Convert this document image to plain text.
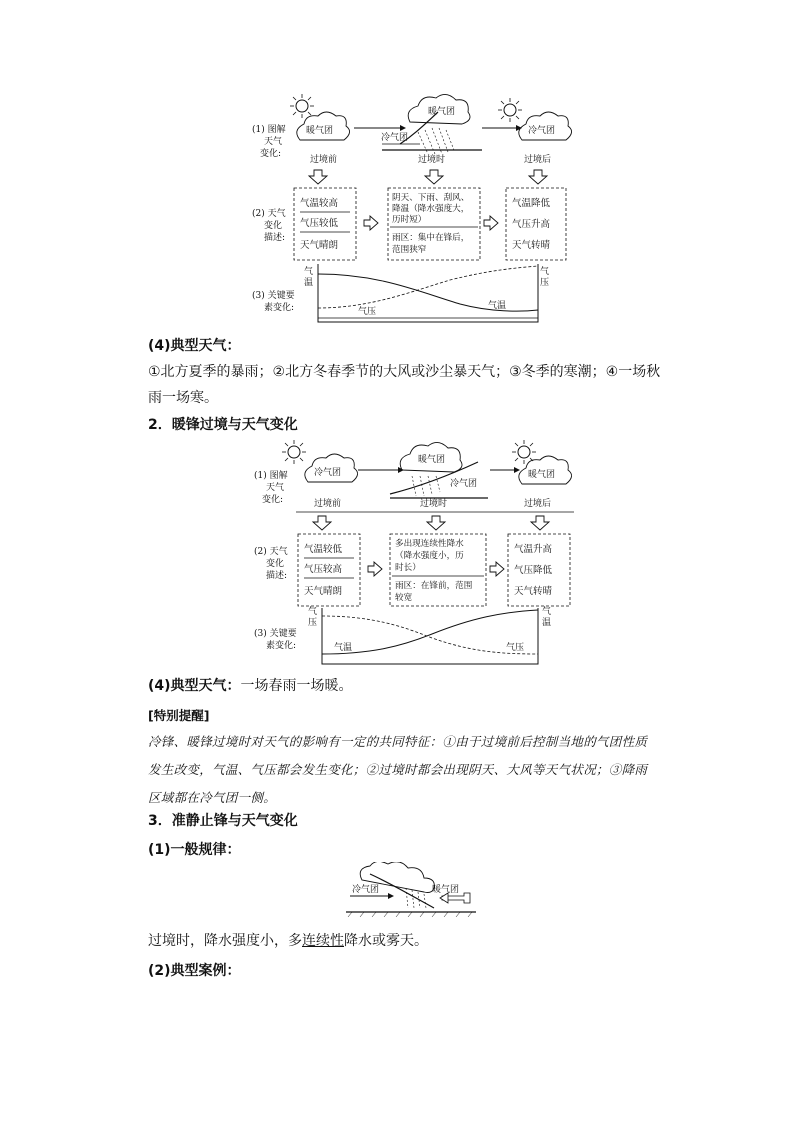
(1) 图解天气变化:
(2) 天气变化描述:
(3) 关键要素变化:
暖气团
暖气团
冷气团
冷气团
过境前	过境时	过境后
气温较高
气压较低
天气晴朗
阴天、下雨、刮风、
降温（降水强度大，
历时短）
雨区：集中在锋后，
范围狭窄
气温降低
气压升高
天气转晴
气温
气压
气压
气温
(4)典型天气：
①北方夏季的暴雨；②北方冬春季节的大风或沙尘暴天气；③冬季的寒潮；④一场秋雨一场寒。
2．暖锋过境与天气变化
(1) 图解天气变化:
(2) 天气变化描述:
(3) 关键要素变化:
冷气团
暖气团
冷气团
暖气团
过境前	过境时	过境后
气温较低
气压较高
天气晴朗
多出现连续性降水
（降水强度小，历
时长）
雨区：在锋前，范围
较宽
气温升高
气压降低
天气转晴
气压
气温
气温	气压
(4)典型天气：一场春雨一场暖。
[特别提醒]
冷锋、暖锋过境时对天气的影响有一定的共同特征：①由于过境前后控制当地的气团性质发生改变，气温、气压都会发生变化；②过境时都会出现阴天、大风等天气状况；③降雨区域都在冷气团一侧。
3．准静止锋与天气变化
(1)一般规律：
冷气团	暖气团
过境时，降水强度小，多连续性降水或雾天。
(2)典型案例：
